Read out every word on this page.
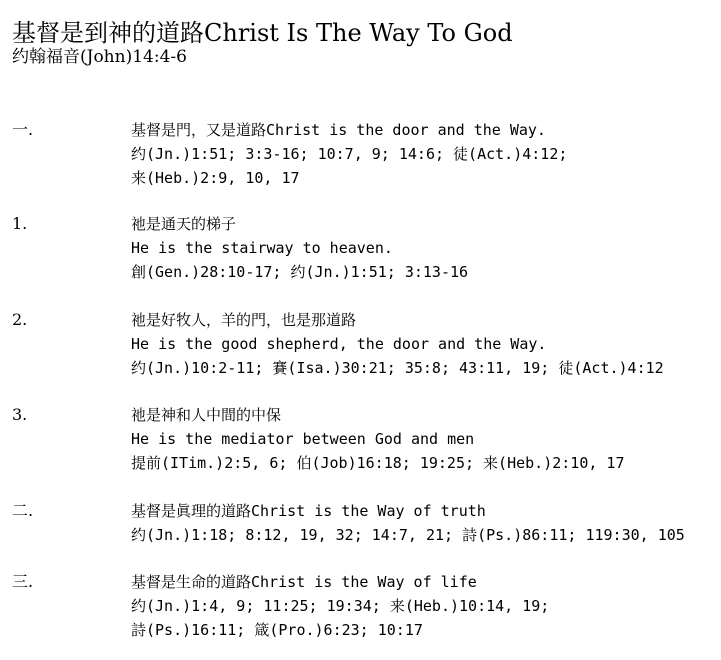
基督是到神的道路Christ Is The Way To God
约翰福音(John)14:4-6
一.	基督是門，又是道路Christ is the door and the Way.
约(Jn.)1:51; 3:3-16; 10:7, 9; 14:6; 徒(Act.)4:12;
来(Heb.)2:9, 10, 17
1.	祂是通天的梯子
He is the stairway to heaven.
創(Gen.)28:10-17; 约(Jn.)1:51; 3:13-16
2.	祂是好牧人，羊的門，也是那道路
He is the good shepherd, the door and the Way.
约(Jn.)10:2-11; 賽(Isa.)30:21; 35:8; 43:11, 19; 徒(Act.)4:12
3.	祂是神和人中間的中保
He is the mediator between God and men
提前(ITim.)2:5, 6; 伯(Job)16:18; 19:25; 来(Heb.)2:10, 17
二.	基督是眞理的道路Christ is the Way of truth
约(Jn.)1:18; 8:12, 19, 32; 14:7, 21; 詩(Ps.)86:11; 119:30, 105
三.	基督是生命的道路Christ is the Way of life
约(Jn.)1:4, 9; 11:25; 19:34; 来(Heb.)10:14, 19;
詩(Ps.)16:11; 箴(Pro.)6:23; 10:17
